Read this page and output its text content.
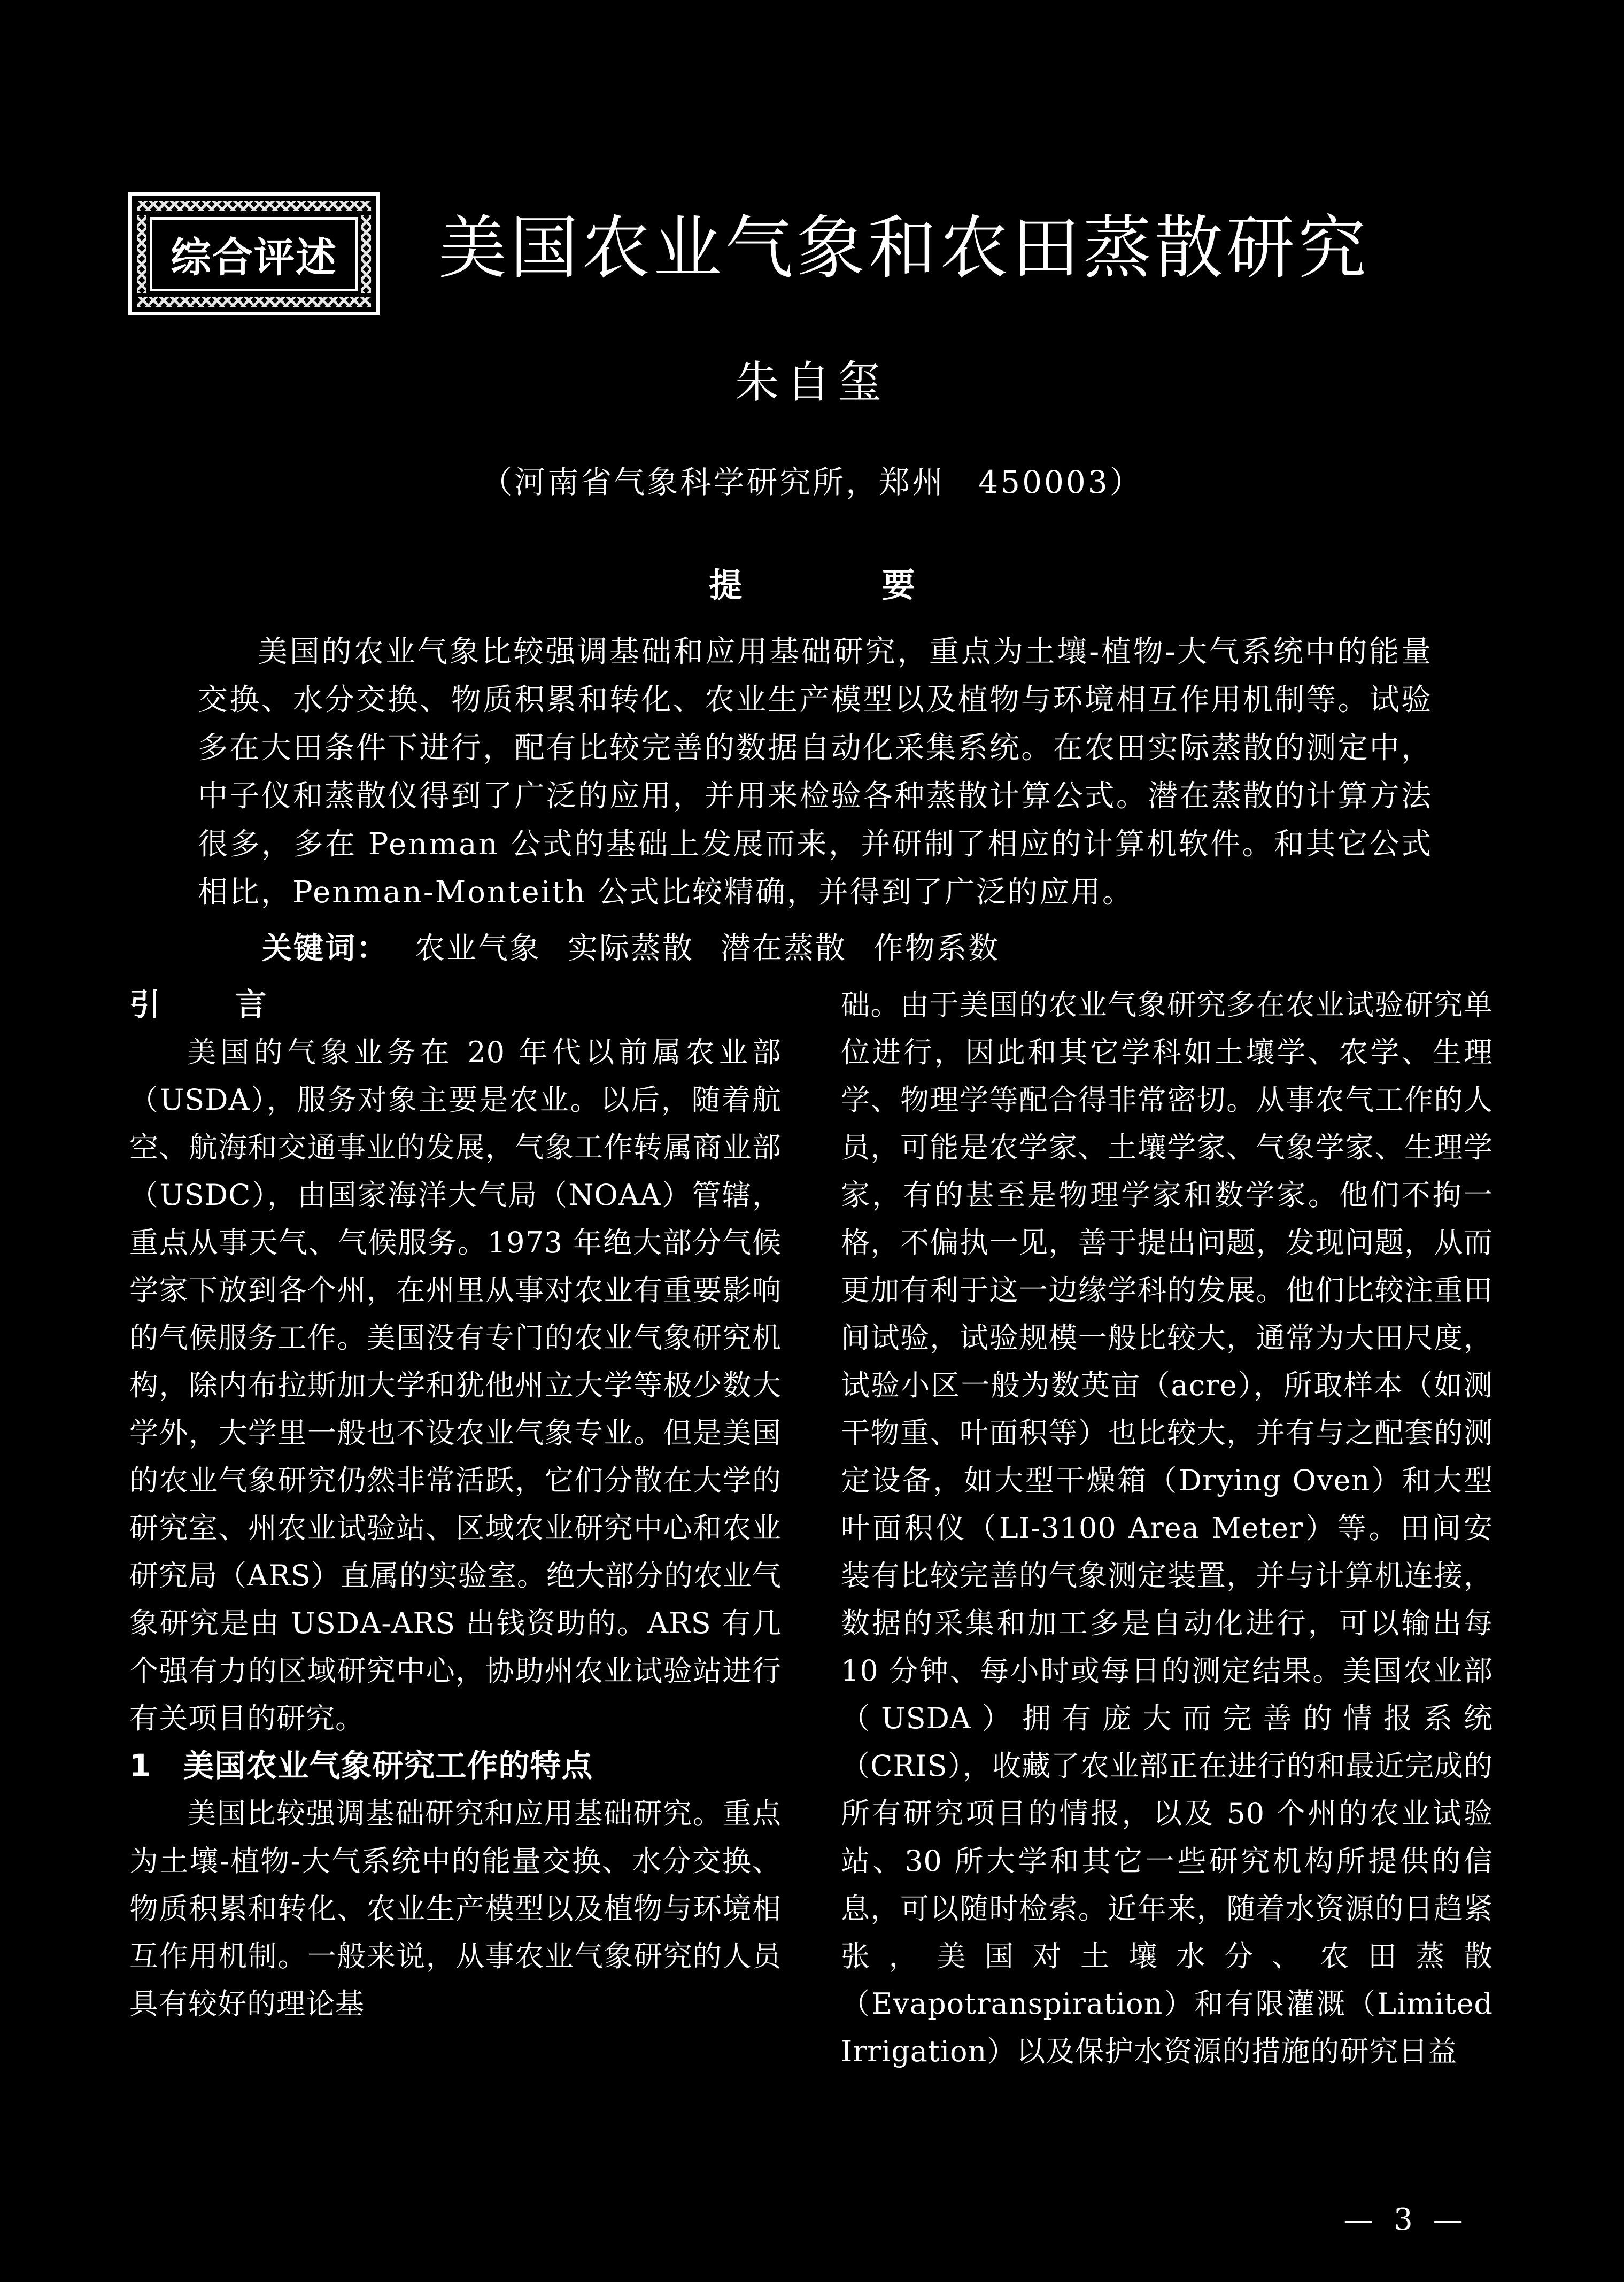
综合评述	美国农业气象和农田蒸散研究
朱自玺
（河南省气象科学研究所，郑州　450003）
提 要
美国的农业气象比较强调基础和应用基础研究，重点为土壤-植物-大气系统中的能量交换、水分交换、物质积累和转化、农业生产模型以及植物与环境相互作用机制等。试验多在大田条件下进行，配有比较完善的数据自动化采集系统。在农田实际蒸散的测定中，中子仪和蒸散仪得到了广泛的应用，并用来检验各种蒸散计算公式。潜在蒸散的计算方法很多，多在 Penman 公式的基础上发展而来，并研制了相应的计算机软件。和其它公式相比，Penman-Monteith 公式比较精确，并得到了广泛的应用。
关键词： 农业气象 实际蒸散 潜在蒸散 作物系数
引 言

美国的气象业务在 20 年代以前属农业部（USDA），服务对象主要是农业。以后，随着航空、航海和交通事业的发展，气象工作转属商业部（USDC），由国家海洋大气局（NOAA）管辖，重点从事天气、气候服务。1973 年绝大部分气候学家下放到各个州，在州里从事对农业有重要影响的气候服务工作。美国没有专门的农业气象研究机构，除内布拉斯加大学和犹他州立大学等极少数大学外，大学里一般也不设农业气象专业。但是美国的农业气象研究仍然非常活跃，它们分散在大学的研究室、州农业试验站、区域农业研究中心和农业研究局（ARS）直属的实验室。绝大部分的农业气象研究是由 USDA-ARS 出钱资助的。ARS 有几个强有力的区域研究中心，协助州农业试验站进行有关项目的研究。

1　美国农业气象研究工作的特点

美国比较强调基础研究和应用基础研究。重点为土壤-植物-大气系统中的能量交换、水分交换、物质积累和转化、农业生产模型以及植物与环境相互作用机制。一般来说，从事农业气象研究的人员具有较好的理论基

础。由于美国的农业气象研究多在农业试验研究单位进行，因此和其它学科如土壤学、农学、生理学、物理学等配合得非常密切。从事农气工作的人员，可能是农学家、土壤学家、气象学家、生理学家，有的甚至是物理学家和数学家。他们不拘一格，不偏执一见，善于提出问题，发现问题，从而更加有利于这一边缘学科的发展。他们比较注重田间试验，试验规模一般比较大，通常为大田尺度，试验小区一般为数英亩（acre），所取样本（如测干物重、叶面积等）也比较大，并有与之配套的测定设备，如大型干燥箱（Drying Oven）和大型叶面积仪（LI-3100 Area Meter）等。田间安装有比较完善的气象测定装置，并与计算机连接，数据的采集和加工多是自动化进行，可以输出每 10 分钟、每小时或每日的测定结果。美国农业部（USDA）拥有庞大而完善的情报系统（CRIS），收藏了农业部正在进行的和最近完成的所有研究项目的情报，以及 50 个州的农业试验站、30 所大学和其它一些研究机构所提供的信息，可以随时检索。近年来，随着水资源的日趋紧张，美国对土壤水分、农田蒸散（Evapotranspiration）和有限灌溉（Limited Irrigation）以及保护水资源的措施的研究日益

— 3 —
